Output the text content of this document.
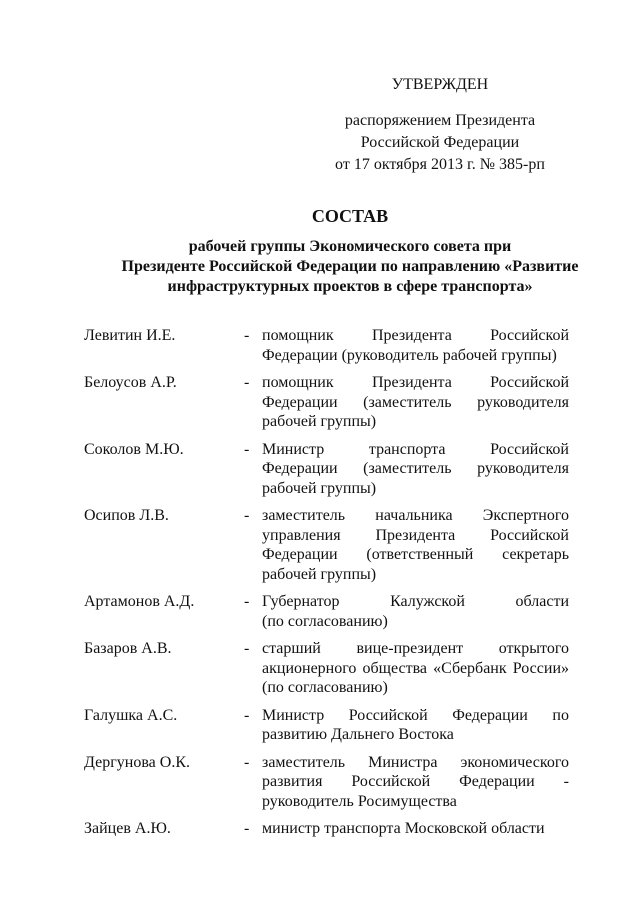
УТВЕРЖДЕН
распоряжением Президента
Российской Федерации
от 17 октября 2013 г. № 385-рп
СОСТАВ
рабочей группы Экономического совета при
Президенте Российской Федерации по направлению «Развитие
инфраструктурных проектов в сфере транспорта»
Левитин И.Е.	- помощник Президента Российской
Федерации (руководитель рабочей группы)
Белоусов А.Р.	- помощник Президента Российской
Федерации (заместитель руководителя
рабочей группы)
Соколов М.Ю.	- Министр транспорта Российской
Федерации (заместитель руководителя
рабочей группы)
Осипов Л.В.	- заместитель начальника Экспертного
управления Президента Российской
Федерации (ответственный секретарь
рабочей группы)
Артамонов А.Д.	- Губернатор Калужской области
(по согласованию)
Базаров А.В.	- старший вице-президент открытого
акционерного общества «Сбербанк России»
(по согласованию)
Галушка А.С.	- Министр Российской Федерации по
развитию Дальнего Востока
Дергунова О.К.	- заместитель Министра экономического
развития Российской Федерации -
руководитель Росимущества
Зайцев А.Ю.	- министр транспорта Московской области
